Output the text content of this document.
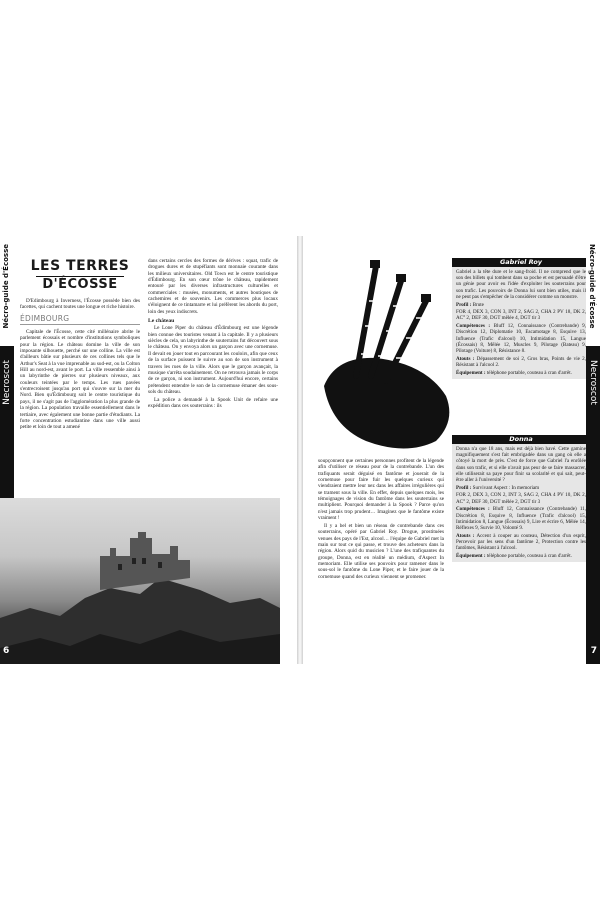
Nécro-guide d'Écosse
Necroscot
LES TERRES
D'ÉCOSSE

D'Edimbourg à Inverness, l'Écosse possède bien des facettes, qui cachent toutes une longue et riche histoire.

ÉDIMBOURG

Capitale de l'Écosse, cette cité millénaire abrite le parlement écossais et nombre d'institutions symboliques pour la région. Le château domine la ville de son imposante silhouette, perché sur une colline. La ville est d'ailleurs bâtie sur plusieurs de ces collines tels que le Arthur's Seat à la vue imprenable au sud-est, ou la Colton Hill au nord-est, avant le port. La ville ressemble ainsi à un labyrinthe de pierres sur plusieurs niveaux, aux couleurs teintées par le temps. Les rues pavées s'entrecroisent jusqu'au port qui s'ouvre sur la mer du Nord. Bien qu'Édimbourg soit le centre touristique du pays, il ne s'agit pas de l'agglomération la plus grande de la région. La population travaille essentiellement dans le tertiaire, avec également une bonne partie d'étudiants. La forte concentration estudiantine dans une ville aussi petite et loin de tout a amené

dans certains cercles des formes de dérives : squat, trafic de drogues dures et de stupéfiants sont monnaie courante dans les milieux universitaires. Old Town est le centre touristique d'Édimbourg. En son cœur trône le château, rapidement entouré par les diverses infrastructures culturelles et commerciales : musées, monuments, et autres boutiques de cachemires et de souvenirs. Les commerces plus locaux s'éloignent de ce tintamarre et lui préfèrent les abords du port, loin des yeux indiscrets.

Le château

Le Lone Piper du château d'Édimbourg est une légende bien connue des touristes venant à la capitale. Il y a plusieurs siècles de cela, un labyrinthe de souterrains fut découvert sous le château. On y envoya alors un garçon avec une cornemuse. Il devait en jouer tout en parcourant les couloirs, afin que ceux de la surface puissent le suivre au son de son instrument à travers les rues de la ville. Alors que le garçon avançait, la musique s'arrêta soudainement. On ne retrouva jamais le corps de ce garçon, ni son instrument. Aujourd'hui encore, certains prétendent entendre le son de la cornemuse émaner des sous-sols du château.

La police a demandé à la Spook Unit de refaire une expédition dans ces souterrains : ils

6
Gabriel Roy

Gabriel a la tête dure et le sang-froid. Il ne comprend que le son des billets qui tombent dans sa poche et est persuadé d'être un génie pour avoir eu l'idée d'exploiter les souterrains pour son trafic. Les pouvoirs de Donna lui sont bien utiles, mais il ne peut pas s'empêcher de la considérer comme un monstre.

Profil : Brute

FOR 4, DEX 3, CON 3, INT 2, SAG 2, CHA 2 PV 18, DK 2, AC° 2, DEF 30, DGT mêlée 4, DGT tir 3

Compétences : Bluff 12, Connaissance (Contrebande) 9, Discrétion 12, Diplomatie 10, Escamotage 8, Esquive 13, Influence (Trafic d'alcool) 10, Intimidation 15, Langue (Écossais) 8, Mêlée 12, Muscles 9, Pilotage (Bateau) 9, Pilotage (Voiture) 8, Résistance 8.

Atouts : Dépassement de soi 2, Gros bras, Points de vie 2, Résistant à l'alcool 2.

Équipement : téléphone portable, couteau à cran d'arrêt.

soupçonnent que certaines personnes profitent de la légende afin d'utiliser ce réseau pour de la contrebande. L'un des trafiquants serait déguisé en fantôme et jouerait de la cornemuse pour faire fuir les quelques curieux qui viendraient mettre leur nez dans les affaires irrégulières qui se trament sous la ville. En effet, depuis quelques mois, les témoignages de vision du fantôme dans les souterrains se multiplient. Pourquoi demander à la Spook ? Parce qu'on n'est jamais trop prudent… Imaginez que le fantôme existe vraiment !

Il y a bel et bien un réseau de contrebande dans ces souterrains, opéré par Gabriel Roy. Drogue, prostituées venues des pays de l'Est, alcool… l'équipe de Gabriel met la main sur tout ce qui passe, et trouve des acheteurs dans la région. Alors quid du musicien ? L'une des trafiquantes du groupe, Donna, est en réalité un médium, d'Aspect In memoriam. Elle utilise ses pouvoirs pour ramener dans le sous-sol le fantôme du Lone Piper, et le faire jouer de la cornemuse quand des curieux viennent se promener.

Donna

Donna n'a que 18 ans, mais est déjà bien havé. Cette gamine magnifiquement s'est fait embrigadée dans un gang où elle a côtoyé la mort de près. C'est de force que Gabriel l'a enrôlée dans son trafic, et si elle n'avait pas peur de se faire massacrer, elle utiliserait sa paye pour finir sa scolarité et qui sait, peut-être aller à l'université ?

Profil : Survivant Aspect : In memoriam

FOR 2, DEX 3, CON 2, INT 3, SAG 2, CHA 4 PV 10, DK 2, AC° 2, DEF 30, DGT mêlée 2, DGT tir 3

Compétences : Bluff 12, Connaissance (Contrebande) 11, Discrétion 8, Esquive 8, Influence (Trafic d'alcool) 15, Intimidation 8, Langue (Écossais) 9, Lire et écrire 6, Mêlée 14, Réflexes 9, Survie 10, Volonté 9.

Atouts : Accent à couper au couteau, Détection d'un esprit, Percevoir par les sens d'un fantôme 2, Protection contre les fantômes, Résistant à l'alcool.

Équipement : téléphone portable, couteau à cran d'arrêt.

Nécro-guide d'Écosse
Necroscot
7
